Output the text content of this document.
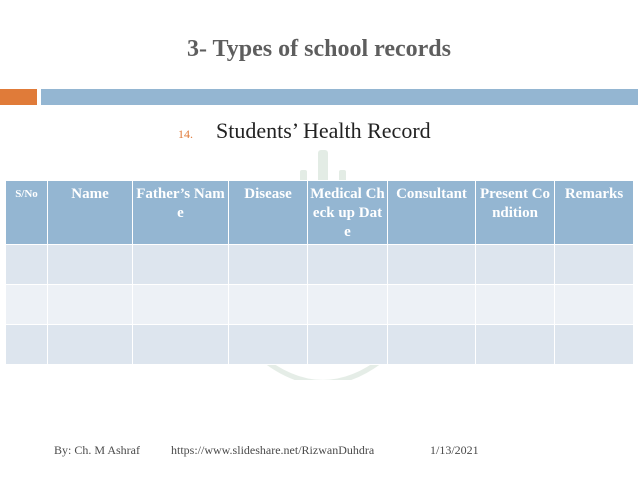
3- Types of school records
14.	Students’ Health Record
S/No	Name	Father’s Name	Disease	Medical Check up Date	Consultant	Present Condition	Remarks

By: Ch. M Ashraf	https://www.slideshare.net/RizwanDuhdra	1/13/2021
